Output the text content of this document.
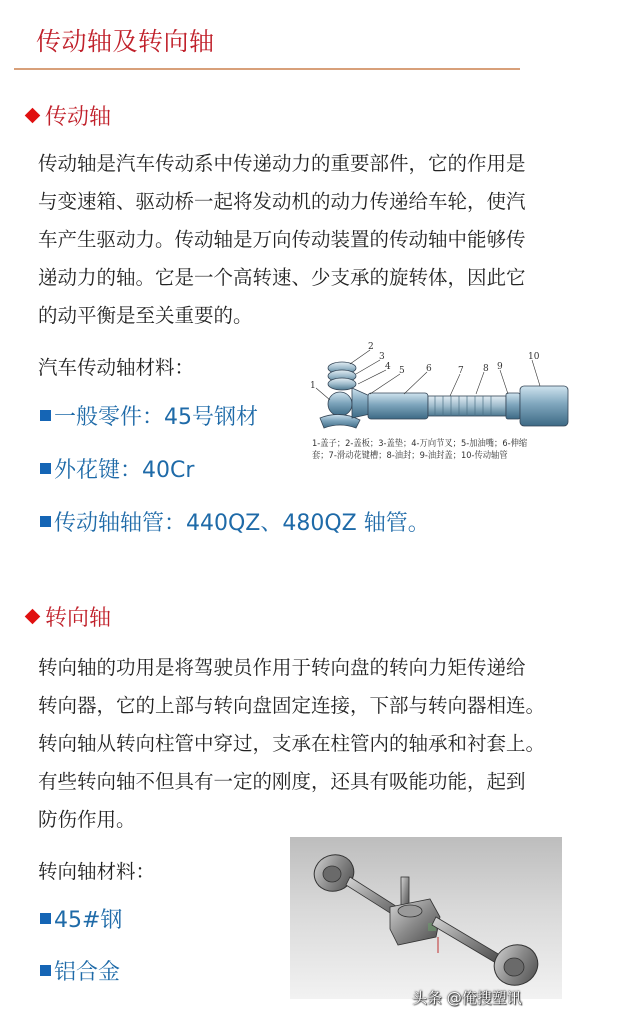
传动轴及转向轴
传动轴

传动轴是汽车传动系中传递动力的重要部件，它的作用是

与变速箱、驱动桥一起将发动机的动力传递给车轮，使汽

车产生驱动力。传动轴是万向传动装置的传动轴中能够传

递动力的轴。它是一个高转速、少支承的旋转体，因此它

的动平衡是至关重要的。

汽车传动轴材料：
一般零件：45号钢材
外花键：40Cr
传动轴轴管：440QZ、480QZ 轴管。
1
2
3
4 5 6	7 8 9
10
1-盖子；2-盖板；3-盖垫；4-万向节叉；5-加油嘴；6-伸缩
套；7-滑动花键槽；8-油封；9-油封盖；10-传动轴管
转向轴

转向轴的功用是将驾驶员作用于转向盘的转向力矩传递给

转向器，它的上部与转向盘固定连接，下部与转向器相连。

转向轴从转向柱管中穿过，支承在柱管内的轴承和衬套上。

有些转向轴不但具有一定的刚度，还具有吸能功能，起到

防伤作用。

转向轴材料：
45#钢
铝合金
头条 @俺搜塑讯
